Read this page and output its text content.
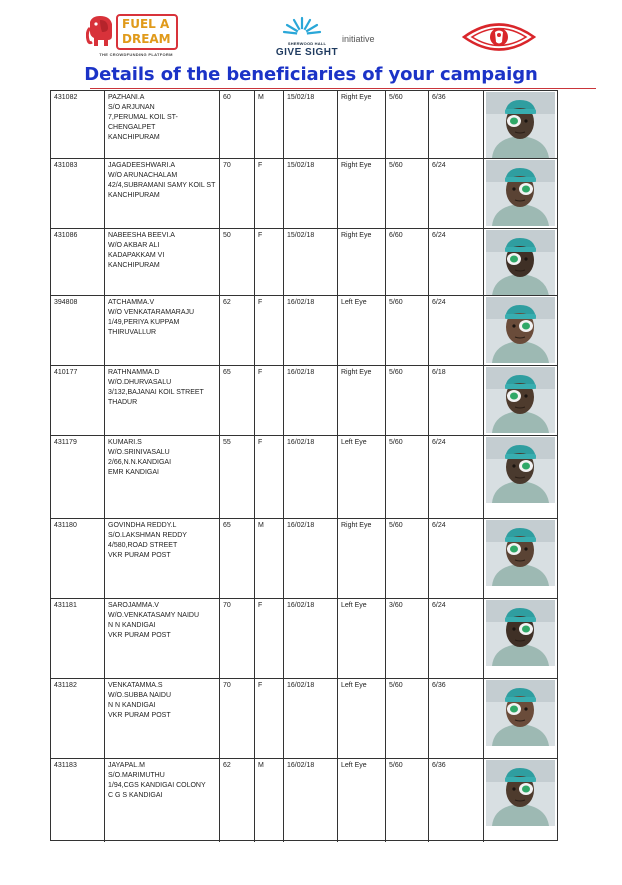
FUEL A
DREAM
THE CROWDFUNDING PLATFORM
SHERWOOD HALL
GIVE SIGHT
initiative
Details of the beneficiaries of your campaign
431082	PAZHANI.A
S/O ARJUNAN
7,PERUMAL KOIL ST-
CHENGALPET
KANCHIPURAM
60	M	15/02/18	Right Eye	5/60	6/36
431083	JAGADEESHWARI.A
W/O ARUNACHALAM
42/4,SUBRAMANI SAMY KOIL ST
KANCHIPURAM
70	F	15/02/18	Right Eye	5/60	6/24
431086	NABEESHA BEEVI.A
W/O AKBAR ALI
KADAPAKKAM VI
KANCHIPURAM
50	F	15/02/18	Right Eye	6/60	6/24
394808	ATCHAMMA.V
W/O VENKATARAMARAJU
1/49,PERIYA KUPPAM
THIRUVALLUR
62	F	16/02/18	Left Eye	5/60	6/24
410177	RATHNAMMA.D
W/O.DHURVASALU
3/132,BAJANAI KOIL STREET
THADUR
65	F	16/02/18	Right Eye	5/60	6/18
431179	KUMARI.S
W/O.SRINIVASALU
2/66,N.N.KANDIGAI
EMR KANDIGAI
55	F	16/02/18	Left Eye	5/60	6/24
431180	GOVINDHA REDDY.L
S/O.LAKSHMAN REDDY
4/580,ROAD STREET
VKR PURAM POST
65	M	16/02/18	Right Eye	5/60	6/24
431181	SAROJAMMA.V
W/O.VENKATASAMY NAIDU
N N KANDIGAI
VKR PURAM POST
70	F	16/02/18	Left Eye	3/60	6/24
431182	VENKATAMMA.S
W/O.SUBBA NAIDU
N N KANDIGAI
VKR PURAM POST
70	F	16/02/18	Left Eye	5/60	6/36
431183	JAYAPAL.M
S/O.MARIMUTHU
1/94,CGS KANDIGAI COLONY
C G S KANDIGAI
62	M	16/02/18	Left Eye	5/60	6/36
